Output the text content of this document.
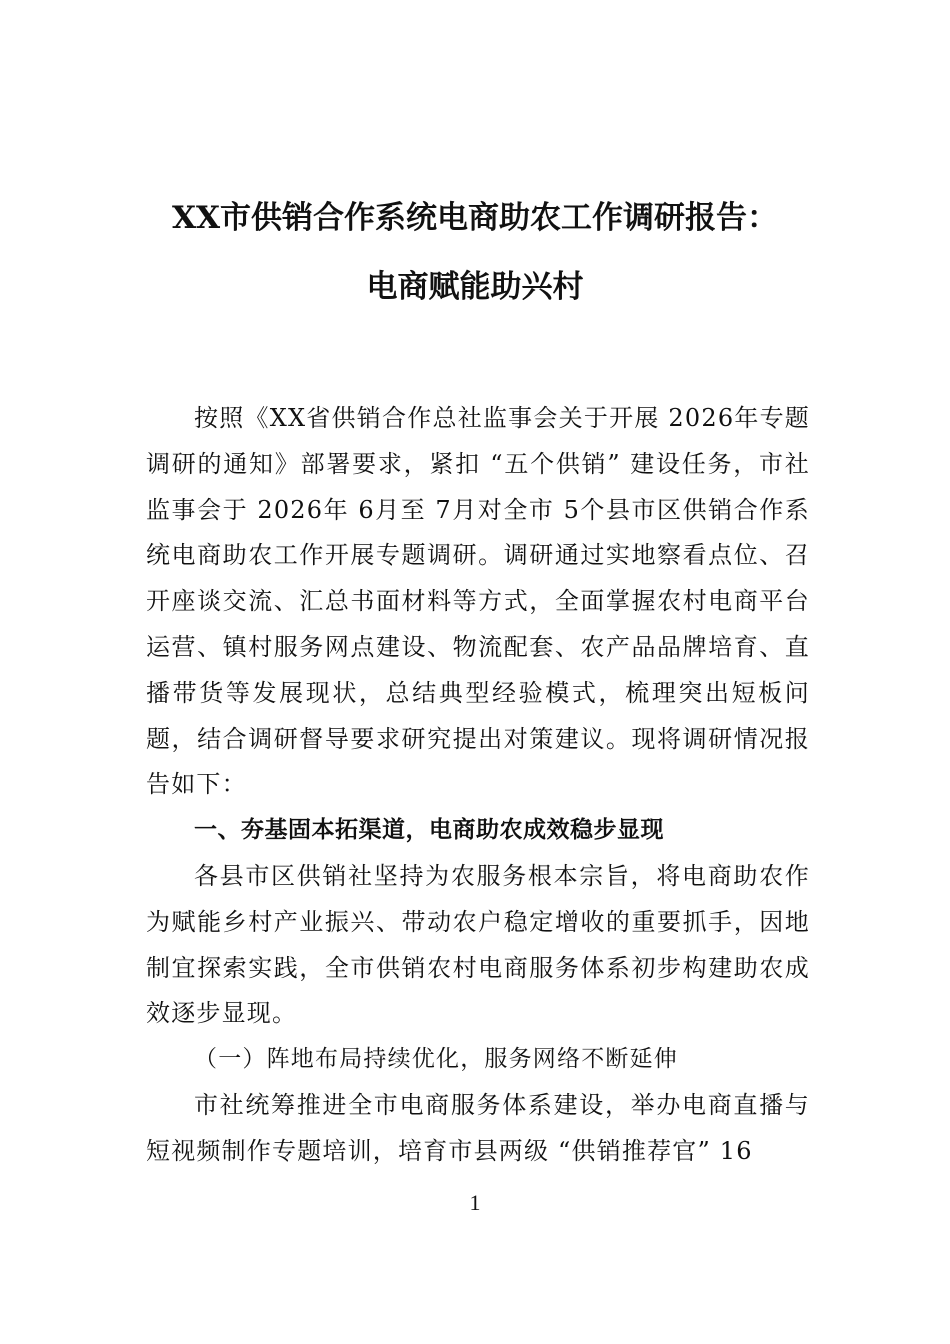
XX市供销合作系统电商助农工作调研报告：
电商赋能助兴村

按照《XX省供销合作总社监事会关于开展 2026年专题调研的通知》部署要求，紧扣 “五个供销” 建设任务，市社监事会于 2026年 6月至 7月对全市 5个县市区供销合作系统电商助农工作开展专题调研。调研通过实地察看点位、召开座谈交流、汇总书面材料等方式，全面掌握农村电商平台运营、镇村服务网点建设、物流配套、农产品品牌培育、直播带货等发展现状，总结典型经验模式，梳理突出短板问题，结合调研督导要求研究提出对策建议。现将调研情况报告如下：

一、夯基固本拓渠道，电商助农成效稳步显现

各县市区供销社坚持为农服务根本宗旨，将电商助农作为赋能乡村产业振兴、带动农户稳定增收的重要抓手，因地制宜探索实践，全市供销农村电商服务体系初步构建助农成效逐步显现。

（一）阵地布局持续优化，服务网络不断延伸

市社统筹推进全市电商服务体系建设，举办电商直播与短视频制作专题培训，培育市县两级 “供销推荐官” 16

1
